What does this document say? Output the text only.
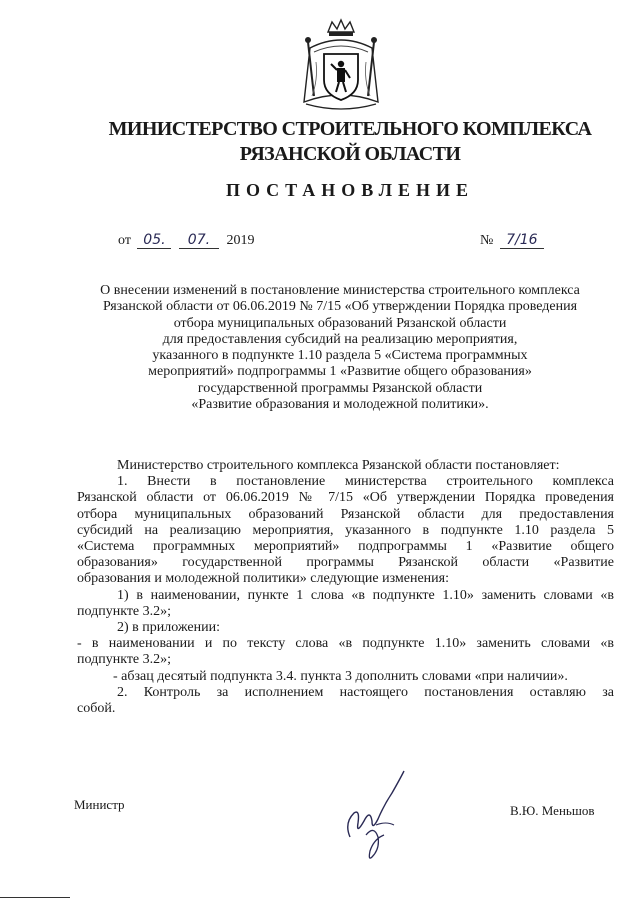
МИНИСТЕРСТВО СТРОИТЕЛЬНОГО КОМПЛЕКСА
РЯЗАНСКОЙ ОБЛАСТИ
ПОСТАНОВЛЕНИЕ
от 05. 07. 2019	№ 7/16
О внесении изменений в постановление министерства строительного комплекса
Рязанской области от 06.06.2019 № 7/15 «Об утверждении Порядка проведения
отбора муниципальных образований Рязанской области
для предоставления субсидий на реализацию мероприятия,
указанного в подпункте 1.10 раздела 5 «Система программных
мероприятий» подпрограммы 1 «Развитие общего образования»
государственной программы Рязанской области
«Развитие образования и молодежной политики».
Министерство строительного комплекса Рязанской области постановляет:
1. Внести в постановление министерства строительного комплекса
Рязанской области от 06.06.2019 № 7/15 «Об утверждении Порядка проведения
отбора муниципальных образований Рязанской области для предоставления
субсидий на реализацию мероприятия, указанного в подпункте 1.10 раздела 5
«Система программных мероприятий» подпрограммы 1 «Развитие общего
образования» государственной программы Рязанской области «Развитие
образования и молодежной политики» следующие изменения:
1) в наименовании, пункте 1 слова «в подпункте 1.10» заменить словами «в
подпункте 3.2»;
2) в приложении:
- в наименовании и по тексту слова «в подпункте 1.10» заменить словами «в
подпункте 3.2»;
- абзац десятый подпункта 3.4. пункта 3 дополнить словами «при наличии».
2. Контроль за исполнением настоящего постановления оставляю за
собой.
Министр	В.Ю. Меньшов
